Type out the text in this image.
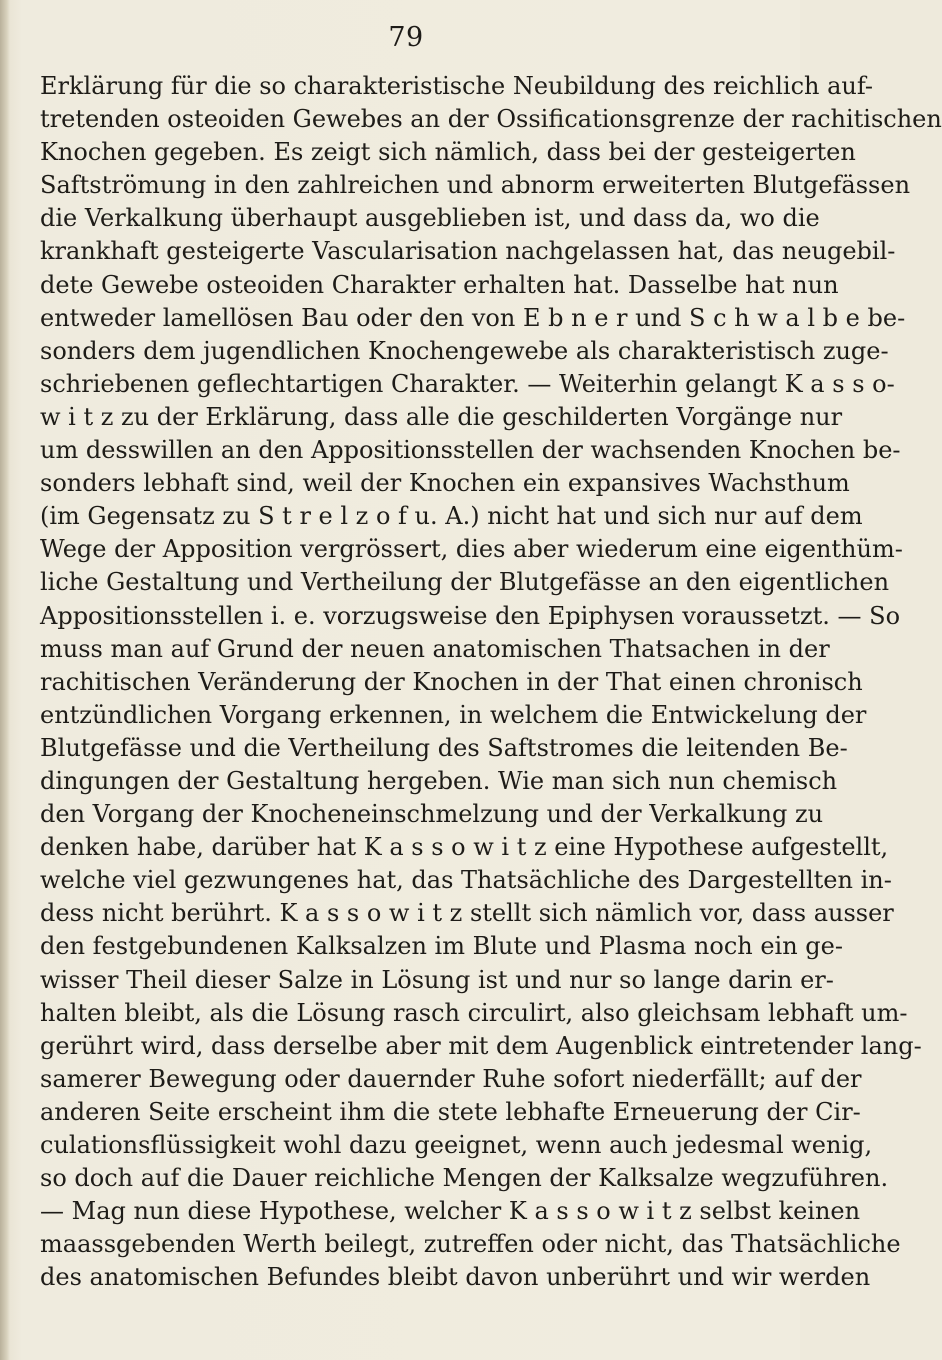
79
Erklärung für die so charakteristische Neubildung des reichlich auf-
tretenden osteoiden Gewebes an der Ossificationsgrenze der rachitischen
Knochen gegeben. Es zeigt sich nämlich, dass bei der gesteigerten
Saftströmung in den zahlreichen und abnorm erweiterten Blutgefässen
die Verkalkung überhaupt ausgeblieben ist, und dass da, wo die
krankhaft gesteigerte Vascularisation nachgelassen hat, das neugebil-
dete Gewebe osteoiden Charakter erhalten hat. Dasselbe hat nun
entweder lamellösen Bau oder den von E b n e r und S c h w a l b e be-
sonders dem jugendlichen Knochengewebe als charakteristisch zuge-
schriebenen geflechtartigen Charakter. — Weiterhin gelangt K a s s o-
w i t z zu der Erklärung, dass alle die geschilderten Vorgänge nur
um desswillen an den Appositionsstellen der wachsenden Knochen be-
sonders lebhaft sind, weil der Knochen ein expansives Wachsthum
(im Gegensatz zu S t r e l z o f u. A.) nicht hat und sich nur auf dem
Wege der Apposition vergrössert, dies aber wiederum eine eigenthüm-
liche Gestaltung und Vertheilung der Blutgefässe an den eigentlichen
Appositionsstellen i. e. vorzugsweise den Epiphysen voraussetzt. — So
muss man auf Grund der neuen anatomischen Thatsachen in der
rachitischen Veränderung der Knochen in der That einen chronisch
entzündlichen Vorgang erkennen, in welchem die Entwickelung der
Blutgefässe und die Vertheilung des Saftstromes die leitenden Be-
dingungen der Gestaltung hergeben. Wie man sich nun chemisch
den Vorgang der Knocheneinschmelzung und der Verkalkung zu
denken habe, darüber hat K a s s o w i t z eine Hypothese aufgestellt,
welche viel gezwungenes hat, das Thatsächliche des Dargestellten in-
dess nicht berührt. K a s s o w i t z stellt sich nämlich vor, dass ausser
den festgebundenen Kalksalzen im Blute und Plasma noch ein ge-
wisser Theil dieser Salze in Lösung ist und nur so lange darin er-
halten bleibt, als die Lösung rasch circulirt, also gleichsam lebhaft um-
gerührt wird, dass derselbe aber mit dem Augenblick eintretender lang-
samerer Bewegung oder dauernder Ruhe sofort niederfällt; auf der
anderen Seite erscheint ihm die stete lebhafte Erneuerung der Cir-
culationsflüssigkeit wohl dazu geeignet, wenn auch jedesmal wenig,
so doch auf die Dauer reichliche Mengen der Kalksalze wegzuführen.
— Mag nun diese Hypothese, welcher K a s s o w i t z selbst keinen
maassgebenden Werth beilegt, zutreffen oder nicht, das Thatsächliche
des anatomischen Befundes bleibt davon unberührt und wir werden
